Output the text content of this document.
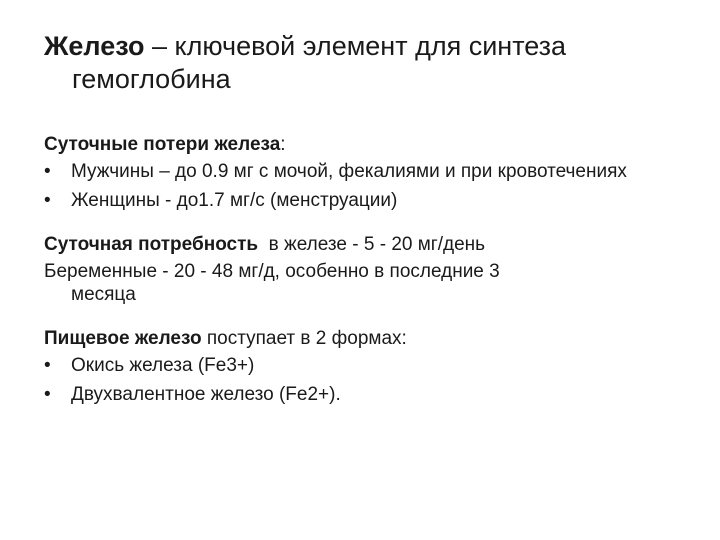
Железо – ключевой элемент для синтеза
гемоглобина

Суточные потери железа:

• Мужчины – до 0.9 мг с мочой, фекалиями и при кровотечениях
• Женщины - до1.7 мг/с (менструации)

Суточная потребность  в железе - 5 - 20 мг/день

Беременные - 20 - 48 мг/д, особенно в последние 3
месяца

Пищевое железо поступает в 2 формах:

• Окись железа (Fe3+)
• Двухвалентное железо (Fe2+).
